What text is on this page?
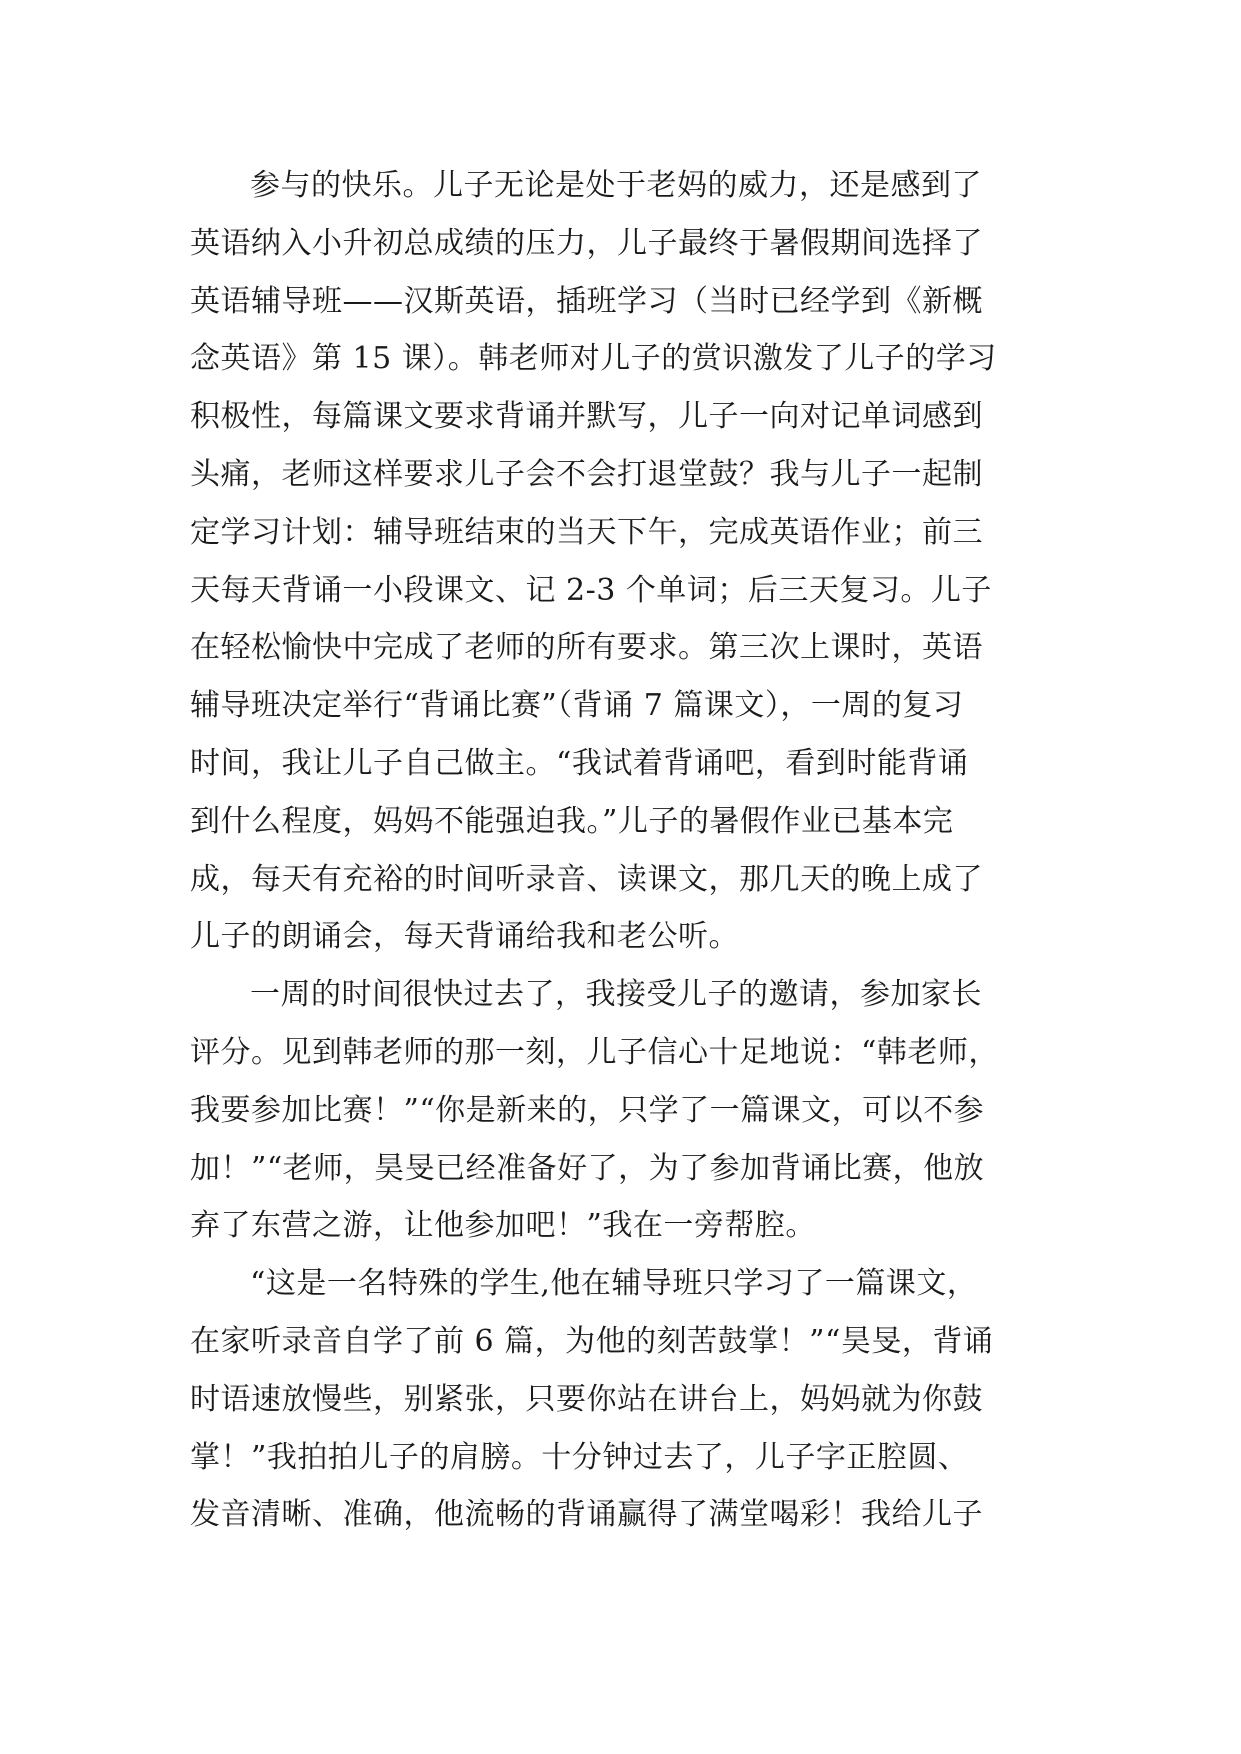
参与的快乐。儿子无论是处于老妈的威力，还是感到了
英语纳入小升初总成绩的压力，儿子最终于暑假期间选择了
英语辅导班——汉斯英语，插班学习（当时已经学到《新概
念英语》第 15 课）。韩老师对儿子的赏识激发了儿子的学习
积极性，每篇课文要求背诵并默写，儿子一向对记单词感到
头痛，老师这样要求儿子会不会打退堂鼓？我与儿子一起制
定学习计划：辅导班结束的当天下午，完成英语作业；前三
天每天背诵一小段课文、记 2-3 个单词；后三天复习。儿子
在轻松愉快中完成了老师的所有要求。第三次上课时，英语
辅导班决定举行“背诵比赛”（背诵 7 篇课文），一周的复习
时间，我让儿子自己做主。“我试着背诵吧，看到时能背诵
到什么程度，妈妈不能强迫我。”儿子的暑假作业已基本完
成，每天有充裕的时间听录音、读课文，那几天的晚上成了
儿子的朗诵会，每天背诵给我和老公听。
一周的时间很快过去了，我接受儿子的邀请，参加家长
评分。见到韩老师的那一刻，儿子信心十足地说：“韩老师，
我要参加比赛！”“你是新来的，只学了一篇课文，可以不参
加！”“老师，昊旻已经准备好了，为了参加背诵比赛，他放
弃了东营之游，让他参加吧！”我在一旁帮腔。
“这是一名特殊的学生,他在辅导班只学习了一篇课文，
在家听录音自学了前 6 篇，为他的刻苦鼓掌！”“昊旻，背诵
时语速放慢些，别紧张，只要你站在讲台上，妈妈就为你鼓
掌！”我拍拍儿子的肩膀。十分钟过去了，儿子字正腔圆、
发音清晰、准确，他流畅的背诵赢得了满堂喝彩！我给儿子
